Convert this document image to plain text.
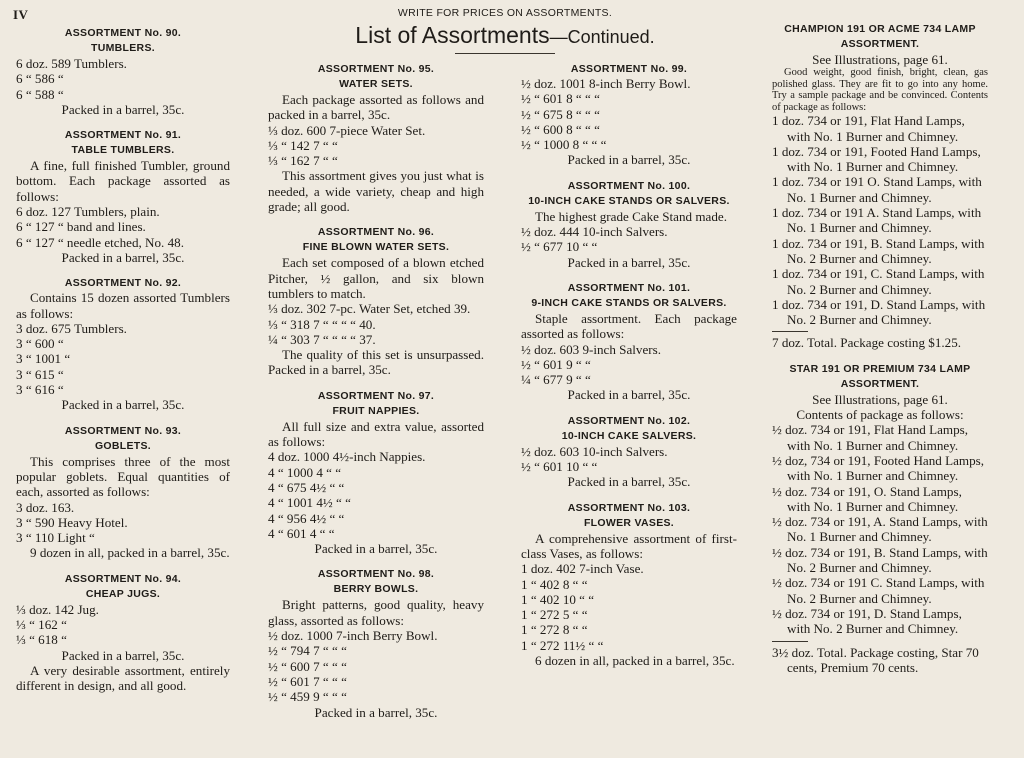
IV	WRITE FOR PRICES ON ASSORTMENTS.
List of Assortments—Continued.
ASSORTMENT No. 90.
TUMBLERS.
6 doz. 589 Tumblers.
6 “ 586 “
6 “ 588 “
Packed in a barrel, 35c.
ASSORTMENT No. 91.
TABLE TUMBLERS.
A fine, full finished Tumbler, ground bottom. Each package assorted as follows:
6 doz. 127 Tumblers, plain.
6 “ 127 “ band and lines.
6 “ 127 “ needle etched, No. 48.
Packed in a barrel, 35c.
ASSORTMENT No. 92.
Contains 15 dozen assorted Tumblers as follows:
3 doz. 675 Tumblers.
3 “ 600 “
3 “ 1001 “
3 “ 615 “
3 “ 616 “
Packed in a barrel, 35c.
ASSORTMENT No. 93.
GOBLETS.
This comprises three of the most popular goblets. Equal quantities of each, assorted as follows:
3 doz. 163.
3 “ 590 Heavy Hotel.
3 “ 110 Light “
9 dozen in all, packed in a barrel, 35c.
ASSORTMENT No. 94.
CHEAP JUGS.
⅓ doz. 142 Jug.
⅓ “ 162 “
⅓ “ 618 “
Packed in a barrel, 35c.
A very desirable assortment, entirely different in design, and all good.
ASSORTMENT No. 95.
WATER SETS.
Each package assorted as follows and packed in a barrel, 35c.
⅓ doz. 600 7-piece Water Set.
⅓ “ 142 7 “ “
⅓ “ 162 7 “ “
This assortment gives you just what is needed, a wide variety, cheap and high grade; all good.
ASSORTMENT No. 96.
FINE BLOWN WATER SETS.
Each set composed of a blown etched Pitcher, ½ gallon, and six blown tumblers to match.
⅓ doz. 302 7-pc. Water Set, etched 39.
⅓ “ 318 7 “ “ “ “ 40.
¼ “ 303 7 “ “ “ “ 37.
The quality of this set is unsurpassed. Packed in a barrel, 35c.
ASSORTMENT No. 97.
FRUIT NAPPIES.
All full size and extra value, assorted as follows:
4 doz. 1000 4½-inch Nappies.
4 “ 1000 4 “ “
4 “ 675 4½ “ “
4 “ 1001 4½ “ “
4 “ 956 4½ “ “
4 “ 601 4 “ “
Packed in a barrel, 35c.
ASSORTMENT No. 98.
BERRY BOWLS.
Bright patterns, good quality, heavy glass, assorted as follows:
½ doz. 1000 7-inch Berry Bowl.
½ “ 794 7 “ “ “
½ “ 600 7 “ “ “
½ “ 601 7 “ “ “
½ “ 459 9 “ “ “
Packed in a barrel, 35c.
ASSORTMENT No. 99.
½ doz. 1001 8-inch Berry Bowl.
½ “ 601 8 “ “ “
½ “ 675 8 “ “ “
½ “ 600 8 “ “ “
½ “ 1000 8 “ “ “
Packed in a barrel, 35c.
ASSORTMENT No. 100.
10-INCH CAKE STANDS OR SALVERS.
The highest grade Cake Stand made.
½ doz. 444 10-inch Salvers.
½ “ 677 10 “ “
Packed in a barrel, 35c.
ASSORTMENT No. 101.
9-INCH CAKE STANDS OR SALVERS.
Staple assortment. Each package assorted as follows:
½ doz. 603 9-inch Salvers.
½ “ 601 9 “ “
¼ “ 677 9 “ “
Packed in a barrel, 35c.
ASSORTMENT No. 102.
10-INCH CAKE SALVERS.
½ doz. 603 10-inch Salvers.
½ “ 601 10 “ “
Packed in a barrel, 35c.
ASSORTMENT No. 103.
FLOWER VASES.
A comprehensive assortment of first-class Vases, as follows:
1 doz. 402 7-inch Vase.
1 “ 402 8 “ “
1 “ 402 10 “ “
1 “ 272 5 “ “
1 “ 272 8 “ “
1 “ 272 11½ “ “
6 dozen in all, packed in a barrel, 35c.
CHAMPION 191 OR ACME 734 LAMP
ASSORTMENT.
See Illustrations, page 61.
Good weight, good finish, bright, clean, gas polished glass. They are fit to go into any home. Try a sample package and be convinced. Contents of package as follows:
1 doz. 734 or 191, Flat Hand Lamps, with No. 1 Burner and Chimney.
1 doz. 734 or 191, Footed Hand Lamps, with No. 1 Burner and Chimney.
1 doz. 734 or 191 O. Stand Lamps, with No. 1 Burner and Chimney.
1 doz. 734 or 191 A. Stand Lamps, with No. 1 Burner and Chimney.
1 doz. 734 or 191, B. Stand Lamps, with No. 2 Burner and Chimney.
1 doz. 734 or 191, C. Stand Lamps, with No. 2 Burner and Chimney.
1 doz. 734 or 191, D. Stand Lamps, with No. 2 Burner and Chimney.
7 doz. Total. Package costing $1.25.
STAR 191 OR PREMIUM 734 LAMP
ASSORTMENT.
See Illustrations, page 61.
Contents of package as follows:
½ doz. 734 or 191, Flat Hand Lamps, with No. 1 Burner and Chimney.
½ doz, 734 or 191, Footed Hand Lamps, with No. 1 Burner and Chimney.
½ doz. 734 or 191, O. Stand Lamps, with No. 1 Burner and Chimney.
½ doz. 734 or 191, A. Stand Lamps, with No. 1 Burner and Chimney.
½ doz. 734 or 191, B. Stand Lamps, with No. 2 Burner and Chimney.
½ doz. 734 or 191 C. Stand Lamps, with No. 2 Burner and Chimney.
½ doz. 734 or 191, D. Stand Lamps, with No. 2 Burner and Chimney.
3½ doz. Total. Package costing, Star 70 cents, Premium 70 cents.
